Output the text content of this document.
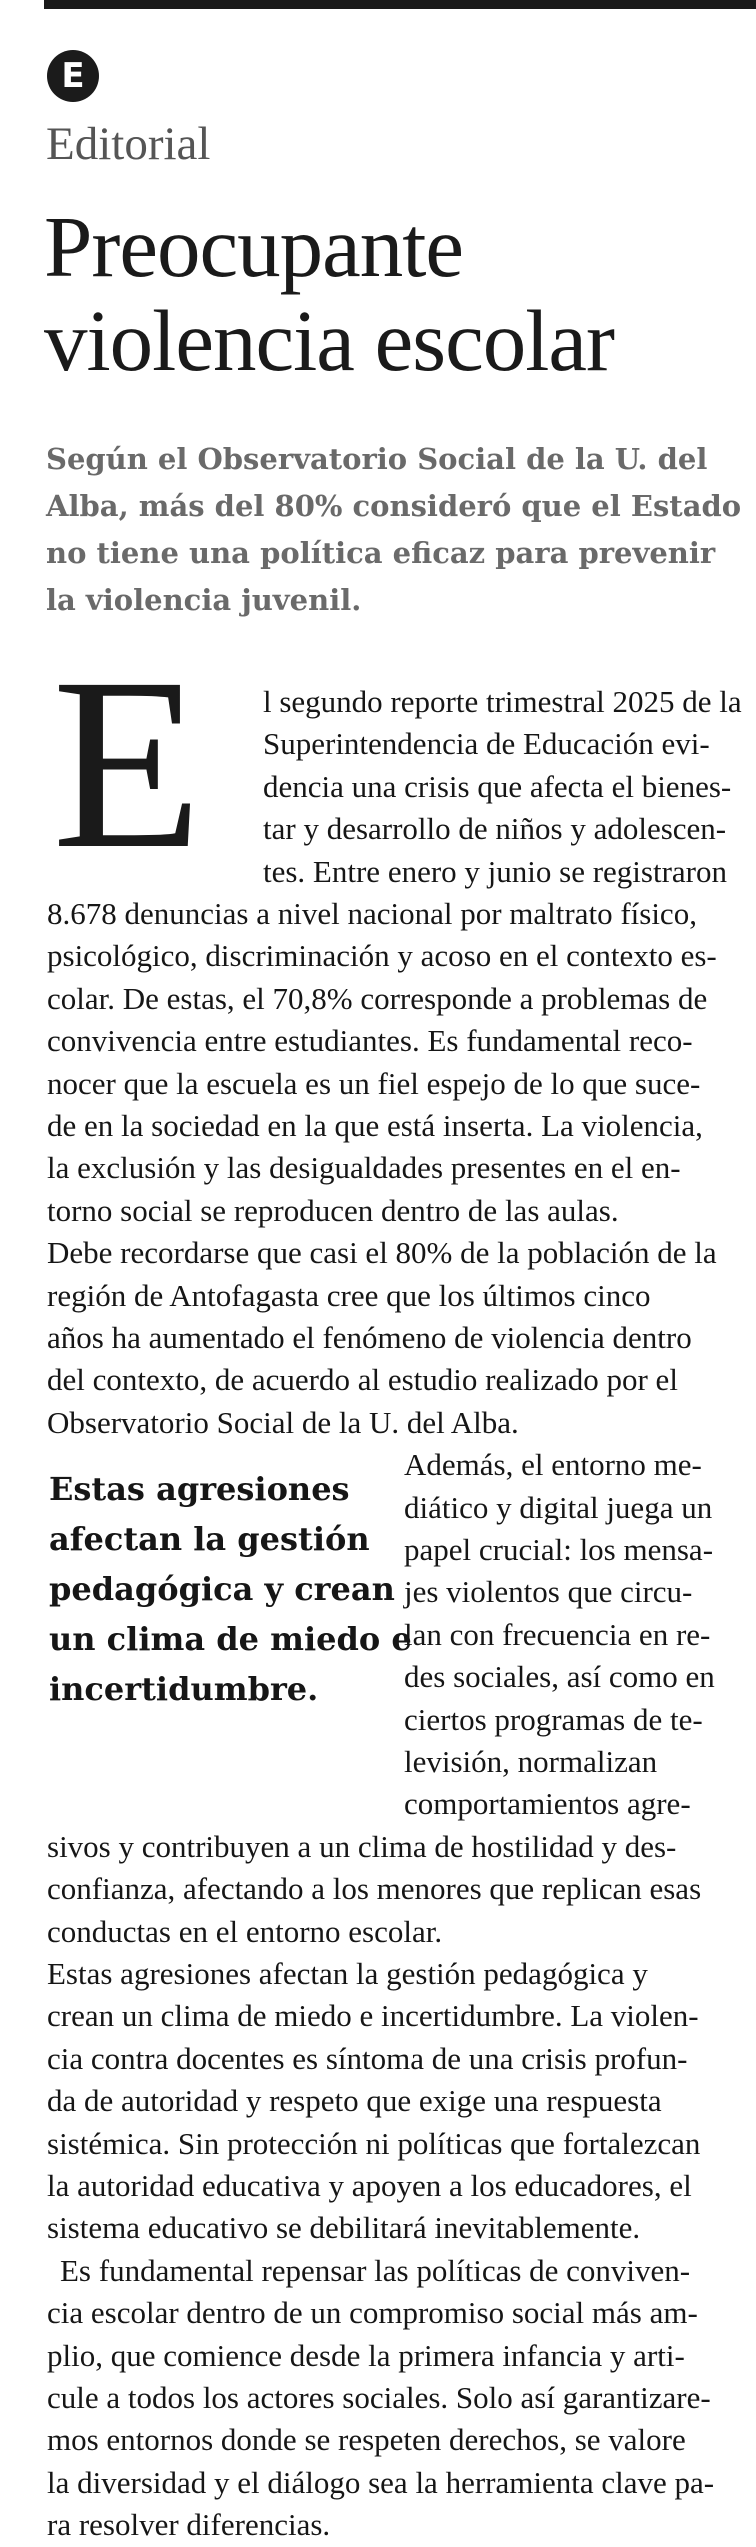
E
Editorial
Preocupante
violencia escolar

Según el Observatorio Social de la U. del
Alba, más del 80% consideró que el Estado
no tiene una política eficaz para prevenir
la violencia juvenil.

E l segundo reporte trimestral 2025 de la
Superintendencia de Educación evi-
dencia una crisis que afecta el bienes-
tar y desarrollo de niños y adolescen-
tes. Entre enero y junio se registraron
8.678 denuncias a nivel nacional por maltrato físico,
psicológico, discriminación y acoso en el contexto es-
colar. De estas, el 70,8% corresponde a problemas de
convivencia entre estudiantes. Es fundamental reco-
nocer que la escuela es un fiel espejo de lo que suce-
de en la sociedad en la que está inserta. La violencia,
la exclusión y las desigualdades presentes en el en-
torno social se reproducen dentro de las aulas.
Debe recordarse que casi el 80% de la población de la
región de Antofagasta cree que los últimos cinco
años ha aumentado el fenómeno de violencia dentro
del contexto, de acuerdo al estudio realizado por el
Observatorio Social de la U. del Alba.
Además, el entorno me-
diático y digital juega un
papel crucial: los mensa-
jes violentos que circu-
lan con frecuencia en re-
des sociales, así como en
ciertos programas de te-
levisión, normalizan
comportamientos agre-
sivos y contribuyen a un clima de hostilidad y des-
confianza, afectando a los menores que replican esas
conductas en el entorno escolar.
Estas agresiones afectan la gestión pedagógica y
crean un clima de miedo e incertidumbre. La violen-
cia contra docentes es síntoma de una crisis profun-
da de autoridad y respeto que exige una respuesta
sistémica. Sin protección ni políticas que fortalezcan
la autoridad educativa y apoyen a los educadores, el
sistema educativo se debilitará inevitablemente.
Es fundamental repensar las políticas de conviven-
cia escolar dentro de un compromiso social más am-
plio, que comience desde la primera infancia y arti-
cule a todos los actores sociales. Solo así garantizare-
mos entornos donde se respeten derechos, se valore
la diversidad y el diálogo sea la herramienta clave pa-
ra resolver diferencias.

Estas agresiones
afectan la gestión
pedagógica y crean
un clima de miedo e
incertidumbre.
